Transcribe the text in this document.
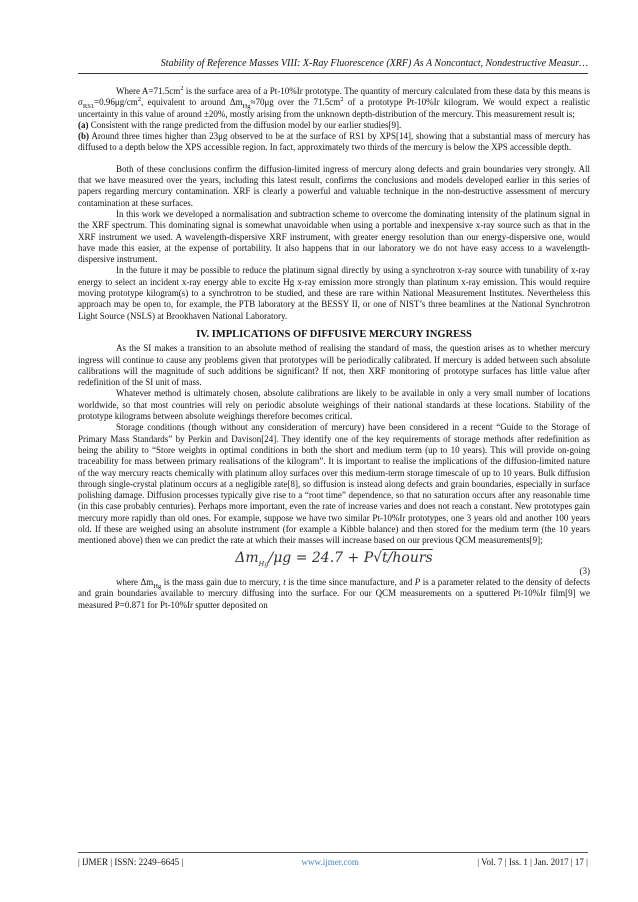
Stability of Reference Masses VIII: X-Ray Fluorescence (XRF) As A Noncontact, Nondestructive Measur…

Where $A=71.5cm^2$ is the surface area of a Pt-10%Ir prototype. The quantity of mercury calculated from these data by this means is $\sigma_{RS1}=0.96\mu g/cm^2$, equivalent to around $\Delta m_{Hg}\approx 70\mu g$ over the $71.5cm^2$ of a prototype Pt-10%Ir kilogram. We would expect a realistic uncertainty in this value of around ±20%, mostly arising from the unknown depth-distribution of the mercury. This measurement result is;

(a) Consistent with the range predicted from the diffusion model by our earlier studies[9].

(b) Around three times higher than 23μg observed to be at the surface of RS1 by XPS[14], showing that a substantial mass of mercury has diffused to a depth below the XPS accessible region. In fact, approximately two thirds of the mercury is below the XPS accessible depth.

Both of these conclusions confirm the diffusion-limited ingress of mercury along defects and grain boundaries very strongly. All that we have measured over the years, including this latest result, confirms the conclusions and models developed earlier in this series of papers regarding mercury contamination. XRF is clearly a powerful and valuable technique in the non-destructive assessment of mercury contamination at these surfaces.

In this work we developed a normalisation and subtraction scheme to overcome the dominating intensity of the platinum signal in the XRF spectrum. This dominating signal is somewhat unavoidable when using a portable and inexpensive x-ray source such as that in the XRF instrument we used. A wavelength-dispersive XRF instrument, with greater energy resolution than our energy-dispersive one, would have made this easier, at the expense of portability. It also happens that in our laboratory we do not have easy access to a wavelength-dispersive instrument.

In the future it may be possible to reduce the platinum signal directly by using a synchrotron x-ray source with tunability of x-ray energy to select an incident x-ray energy able to excite Hg x-ray emission more strongly than platinum x-ray emission. This would require moving prototype kilogram(s) to a synchrotron to be studied, and these are rare within National Measurement Institutes. Nevertheless this approach may be open to, for example, the PTB laboratory at the BESSY II, or one of NIST’s three beamlines at the National Synchrotron Light Source (NSLS) at Brookhaven National Laboratory.

IV. IMPLICATIONS OF DIFFUSIVE MERCURY INGRESS

As the SI makes a transition to an absolute method of realising the standard of mass, the question arises as to whether mercury ingress will continue to cause any problems given that prototypes will be periodically calibrated. If mercury is added between such absolute calibrations will the magnitude of such additions be significant? If not, then XRF monitoring of prototype surfaces has little value after redefinition of the SI unit of mass.

Whatever method is ultimately chosen, absolute calibrations are likely to be available in only a very small number of locations worldwide, so that most countries will rely on periodic absolute weighings of their national standards at these locations. Stability of the prototype kilograms between absolute weighings therefore becomes critical.

Storage conditions (though without any consideration of mercury) have been considered in a recent “Guide to the Storage of Primary Mass Standards” by Perkin and Davison[24]. They identify one of the key requirements of storage methods after redefinition as being the ability to “Store weights in optimal conditions in both the short and medium term (up to 10 years). This will provide on-going traceability for mass between primary realisations of the kilogram”. It is important to realise the implications of the diffusion-limited nature of the way mercury reacts chemically with platinum alloy surfaces over this medium-term storage timescale of up to 10 years. Bulk diffusion through single-crystal platinum occurs at a negligible rate[8], so diffusion is instead along defects and grain boundaries, especially in surface polishing damage. Diffusion processes typically give rise to a “root time” dependence, so that no saturation occurs after any reasonable time (in this case probably centuries). Perhaps more important, even the rate of increase varies and does not reach a constant. New prototypes gain mercury more rapidly than old ones. For example, suppose we have two similar Pt-10%Ir prototypes, one 3 years old and another 100 years old. If these are weighed using an absolute instrument (for example a Kibble balance) and then stored for the medium term (the 10 years mentioned above) then we can predict the rate at which their masses will increase based on our previous QCM measurements[9];

$\Delta m_{Hg}/\mu g = 24.7$ + P√t/hours
(3)

where $\Delta m_{Hg}$ is the mass gain due to mercury, t is the time since manufacture, and P is a parameter related to the density of defects and grain boundaries available to mercury diffusing into the surface. For our QCM measurements on a sputtered Pt-10%Ir film[9] we measured P=0.871 for Pt-10%Ir sputter deposited on

| IJMER | ISSN: 2249–6645 |	www.ijmer.com	| Vol. 7 | Iss. 1 | Jan. 2017 | 17 |
